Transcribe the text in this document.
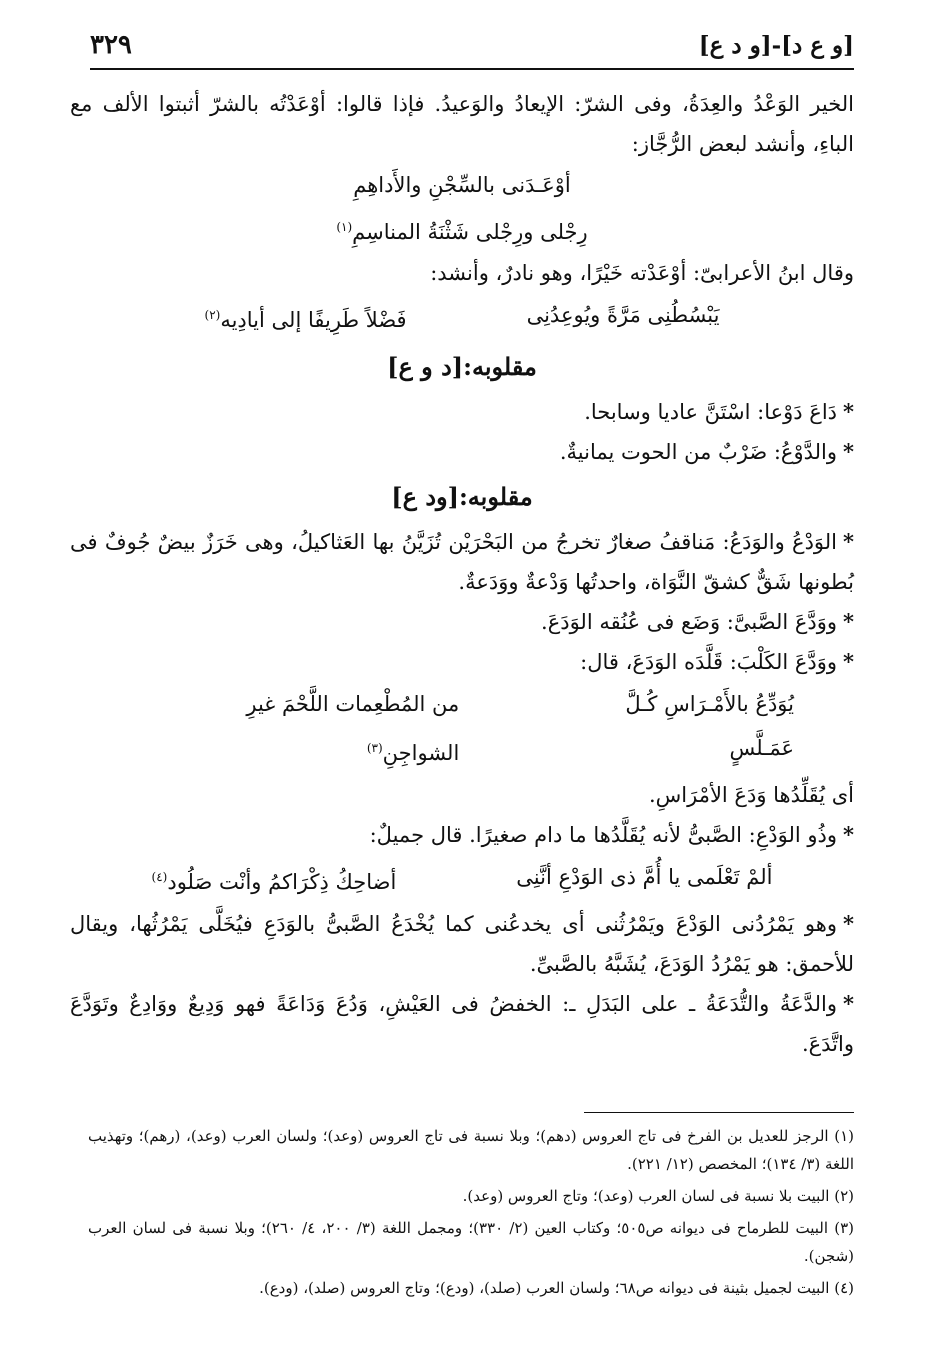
٣٢٩	[و ع د]-[و د ع]

الخير الوَعْدُ والعِدَةُ، وفى الشرّ: الإيعادُ والوَعيدُ. فإذا قالوا: أوْعَدْتُه بالشرّ أثبتوا الألف مع الباءِ، وأنشد لبعض الرُّجَّاز:

أوْعَـدَنى بالسِّجْنِ والأَداهِمِ

رِجْلى ورِجْلى شَثْنَةُ المناسِمِ$^{(١)}$

وقال ابنُ الأعرابىّ: أوْعَدْته خَيْرًا، وهو نادرٌ، وأنشد:

يَبْسُطُنِى مَرَّةً ويُوعِدُنِى
فَضْلاً طَرِيفًا إلى أيادِيه$^{(٢)}$
مقلوبه:[د و ع]

*دَاعَ دَوْعا: اسْتَنَّ عاديا وسابحا.

*والدَّوْعُ: ضَرْبٌ من الحوت يمانيةٌ.

مقلوبه:[ود ع]

*الوَدْعُ والوَدَعُ: مَناقفُ صغارٌ تخرجُ من البَحْرَيْن تُزَيَّنُ بها العَثاكيلُ، وهى خَرَزٌ بيضٌ جُوفٌ فى بُطونها شَقٌّ كشقّ النَّوَاة، واحدتُها وَدْعةٌ ووَدَعةٌ.

*ووَدَّعَ الصَّبىَّ: وَضَع فى عُنُقه الوَدَعَ.

*ووَدَّعَ الكَلْبَ: قَلَّدَه الوَدَعَ، قال:

يُوَدِّعُ بالأَمْـرَاسِ كُـلَّ عَمَـلَّسٍ
من المُطْعِمات اللَّحْمَ غيرِ الشواجِنِ$^{(٣)}$

أى يُقَلِّدُها وَدَعَ الأمْرَاسِ.

*وذُو الوَدْعِ: الصَّبىُّ لأنه يُقَلَّدُها ما دام صغيرًا. قال جميلٌ:

ألمْ تَعْلَمى يا أُمَّ ذى الوَدْعِ أنَّنِى
أضاحِكُ ذِكْرَاكمُ وأنْت صَلُود$^{(٤)}$

*وهو يَمْرُدُنى الوَدْعَ ويَمْرُثُنى أى يخدعُنى كما يُخْدَعُ الصَّبىُّ بالوَدَعِ فيُخَلَّى يَمْرُثُها، ويقال للأحمق: هو يَمْرُدُ الوَدَعَ، يُشَبَّهُ بالصَّبىِّ.

*والدَّعَةُ والتُّدَعَةُ ـ على البَدَلِ ـ: الخفضُ فى العَيْشِ، وَدُعَ وَدَاعَةً فهو وَدِيعٌ ووَادِعٌ وتَوَدَّعَ واتَّدَعَ.

(١) الرجز للعديل بن الفرخ فى تاج العروس (دهم)؛ وبلا نسبة فى تاج العروس (وعد)؛ ولسان العرب (وعد)، (رهم)؛ وتهذيب اللغة (٣/ ١٣٤)؛ المخصص (١٢/ ٢٢١).

(٢) البيت بلا نسبة فى لسان العرب (وعد)؛ وتاج العروس (وعد).

(٣) البيت للطرماح فى ديوانه ص٥٠٥؛ وكتاب العين (٢/ ٣٣٠)؛ ومجمل اللغة (٣/ ٢٠٠، ٤/ ٢٦٠)؛ وبلا نسبة فى لسان العرب (شجن).

(٤) البيت لجميل بثينة فى ديوانه ص٦٨؛ ولسان العرب (صلد)، (ودع)؛ وتاج العروس (صلد)، (ودع).
